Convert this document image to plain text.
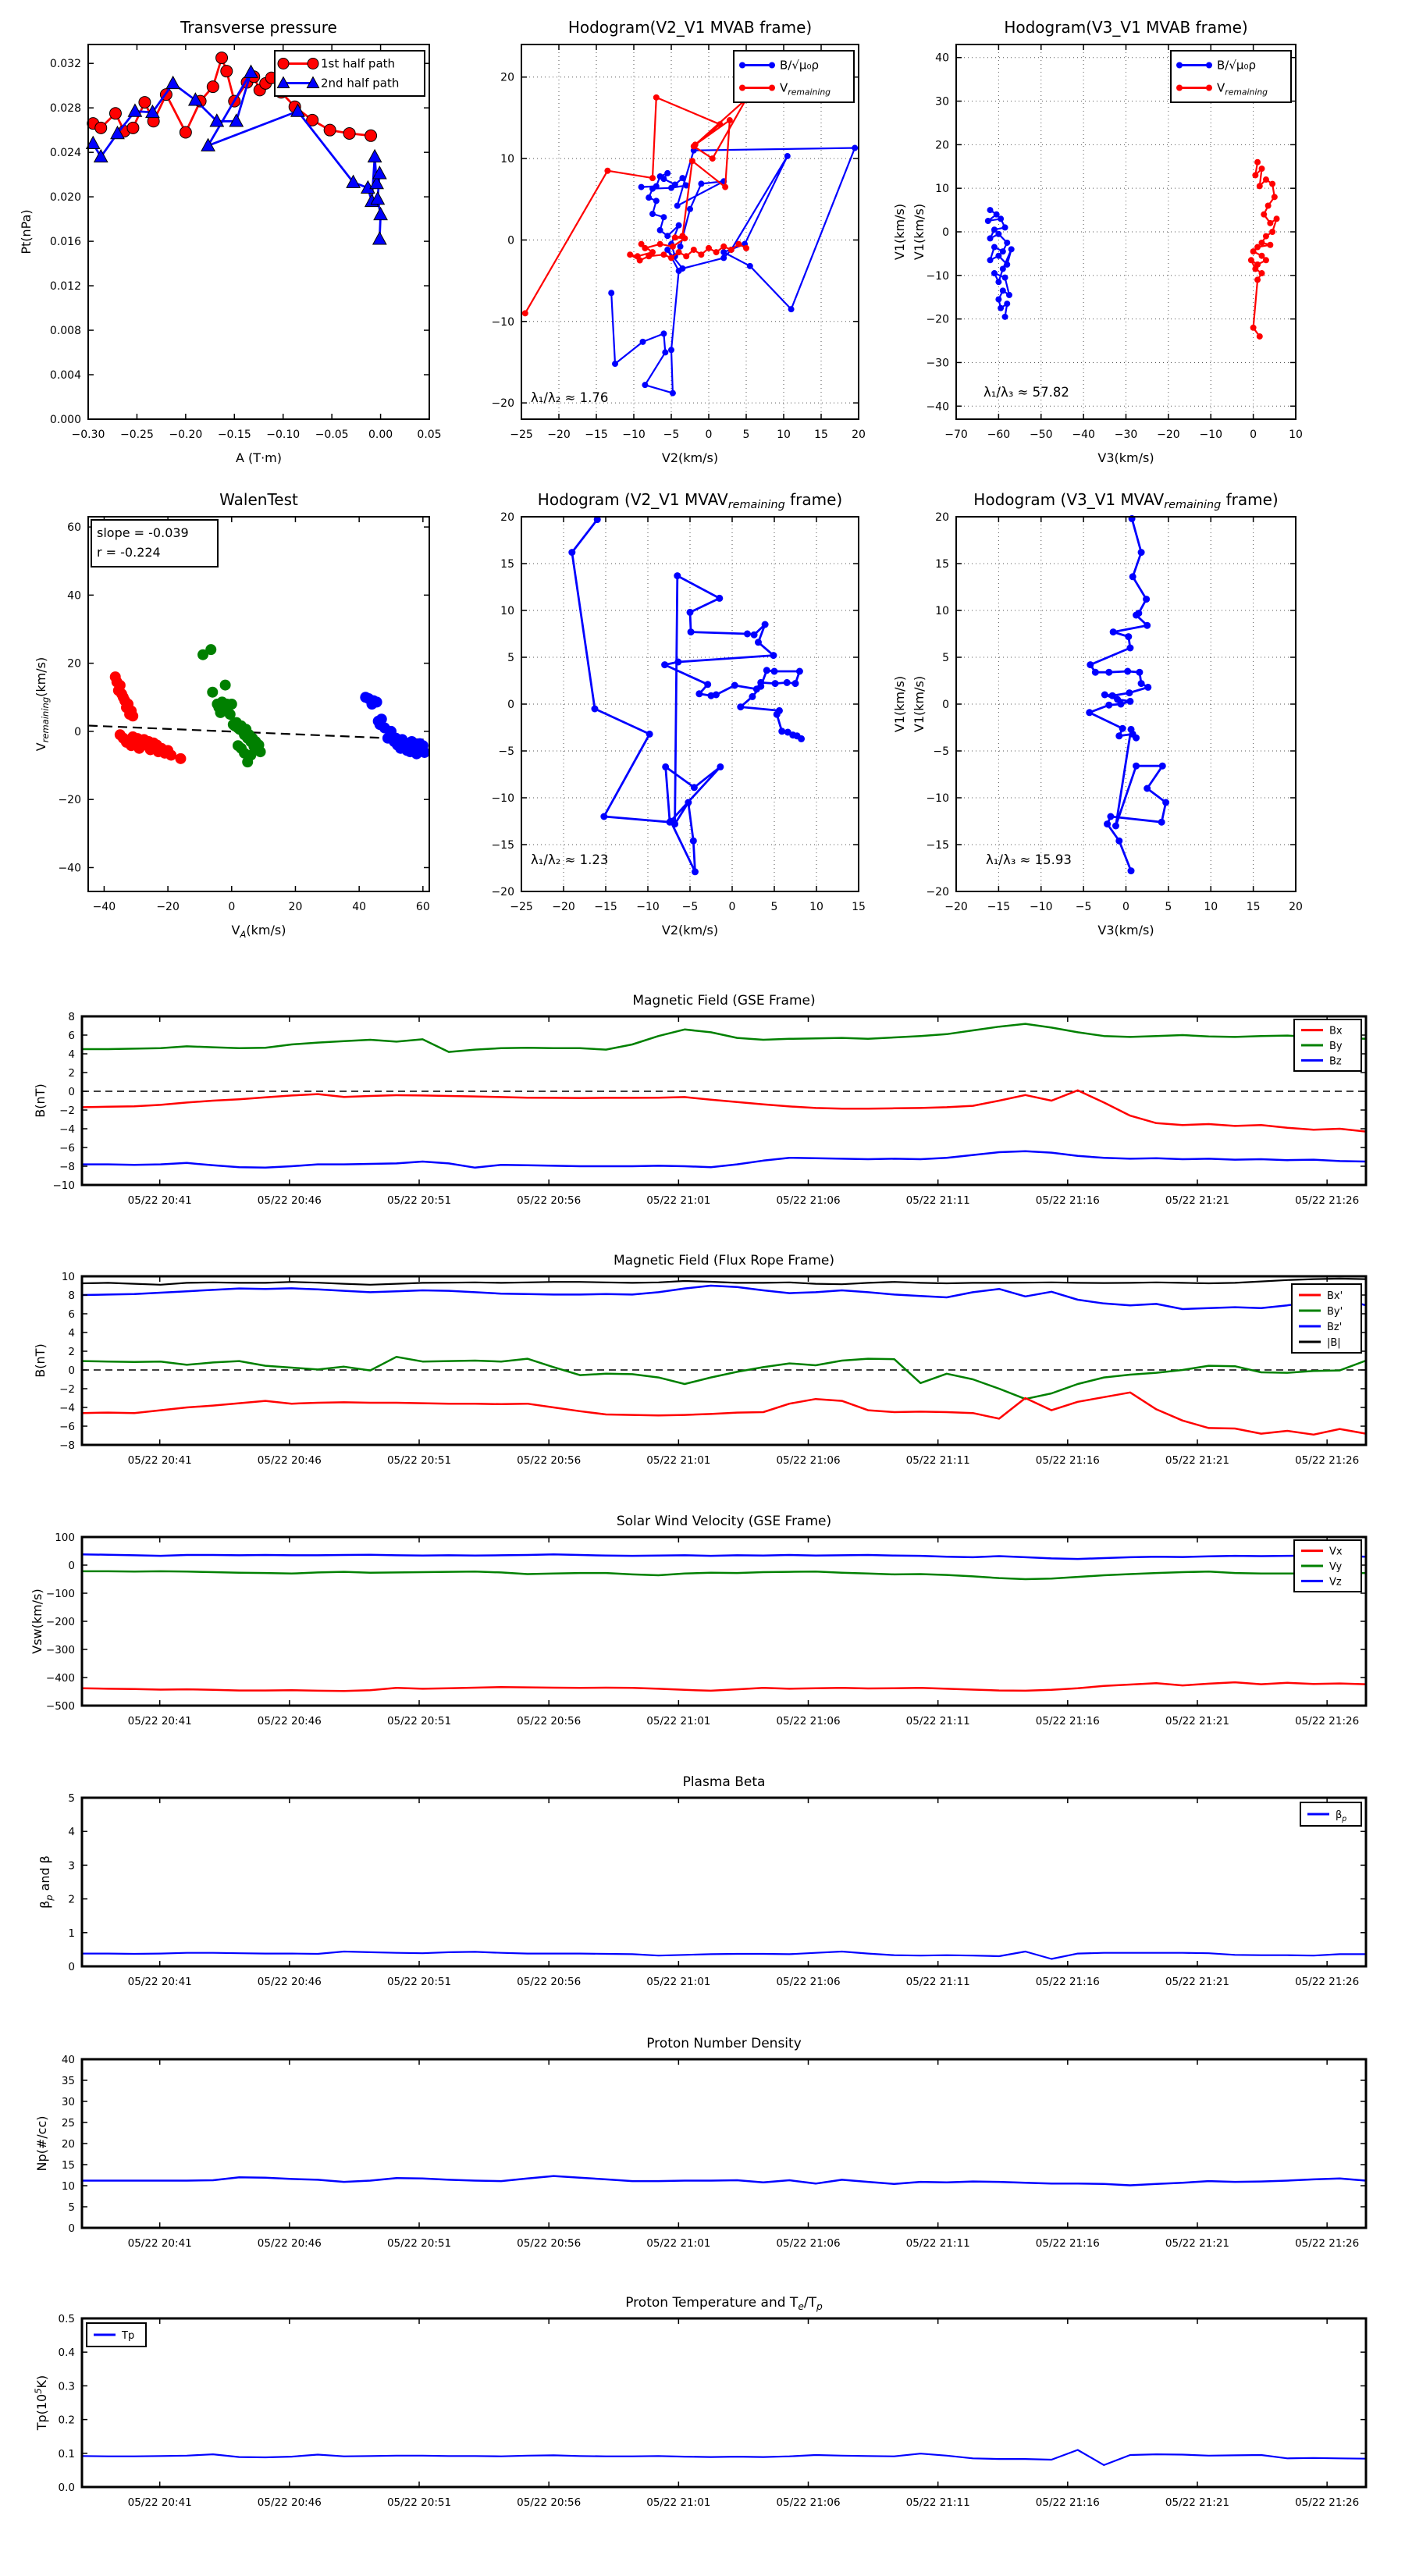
−0.30 −0.25 −0.20 −0.15 −0.10 −0.05 0.00 0.05
0.000
0.004
0.008
0.012
0.016
0.020
0.024
0.028
0.032
Transverse pressure
A (T·m)
Pt(nPa)
1st half path
2nd half path
−25 −20 −15 −10 −5 0	5 10 15 20
−20
−10
0
10
20
Hodogram(V2_V1 MVAB frame)
V2(km/s)
V1(km/s)
λ₁/λ₂ ≈ 1.76
B/√μ₀ρ
$V_{remaining}$
−70 −60 −50 −40 −30 −20 −10	0	10
−40
−30
−20
−10
0
10
20
30
40
Hodogram(V3_V1 MVAB frame)
V3(km/s)
V1(km/s)
λ₁/λ₃ ≈ 57.82
B/√μ₀ρ
$V_{remaining}$
−40	−20	0	20	40	60
−40
−20
0
20
40
60
WalenTest
$V_A(km/s)$
$V_{remaining}(km/s)$
slope = -0.039
r = -0.224
−25 −20 −15 −10 −5	0	5	10	15
−20
−15
−10
−5
0
5
10
15
20
Hodogram (V2_V1 $MVAV_{remaining}$ frame)
V2(km/s)
V1(km/s)
λ₁/λ₂ ≈ 1.23
−20 −15 −10 −5	0	5	10	15	20
−20
−15
−10
−5
0
5
10
15
20
Hodogram (V3_V1 $MVAV_{remaining}$ frame)
V3(km/s)
V1(km/s)
λ₁/λ₃ ≈ 15.93
05/22 20:41	05/22 20:46	05/22 20:51	05/22 20:56	05/22 21:01	05/22 21:06	05/22 21:11	05/22 21:16	05/22 21:21	05/22 21:26
−10
−8
−6
−4
−2
0
2
4
6
8
Magnetic Field (GSE Frame)
B(nT)
Bx
By
Bz
05/22 20:41	05/22 20:46	05/22 20:51	05/22 20:56	05/22 21:01	05/22 21:06	05/22 21:11	05/22 21:16	05/22 21:21	05/22 21:26
−8
−6
−4
−2
0
2
4
6
8
10
Magnetic Field (Flux Rope Frame)
B(nT)
Bx'
By'
Bz'
|B|
05/22 20:41	05/22 20:46	05/22 20:51	05/22 20:56	05/22 21:01	05/22 21:06	05/22 21:11	05/22 21:16	05/22 21:21	05/22 21:26
−500
−400
−300
−200
−100
0
100
Solar Wind Velocity (GSE Frame)
Vsw(km/s)
Vx
Vy
Vz
05/22 20:41	05/22 20:46	05/22 20:51	05/22 20:56	05/22 21:01	05/22 21:06	05/22 21:11	05/22 21:16	05/22 21:21	05/22 21:26
0
1
2
3
4
5
Plasma Beta
$\beta_p$ and β
$\beta_p$
05/22 20:41	05/22 20:46	05/22 20:51	05/22 20:56	05/22 21:01	05/22 21:06	05/22 21:11	05/22 21:16	05/22 21:21	05/22 21:26
0
5
10
15
20
25
30
35
40
Proton Number Density
Np(#/cc)
05/22 20:41	05/22 20:46	05/22 20:51	05/22 20:56	05/22 21:01	05/22 21:06	05/22 21:11	05/22 21:16	05/22 21:21	05/22 21:26
0.0
0.1
0.2
0.3
0.4
0.5
Proton Temperature and $T_e/T_p$
$Tp(10^5K)$
Tp
